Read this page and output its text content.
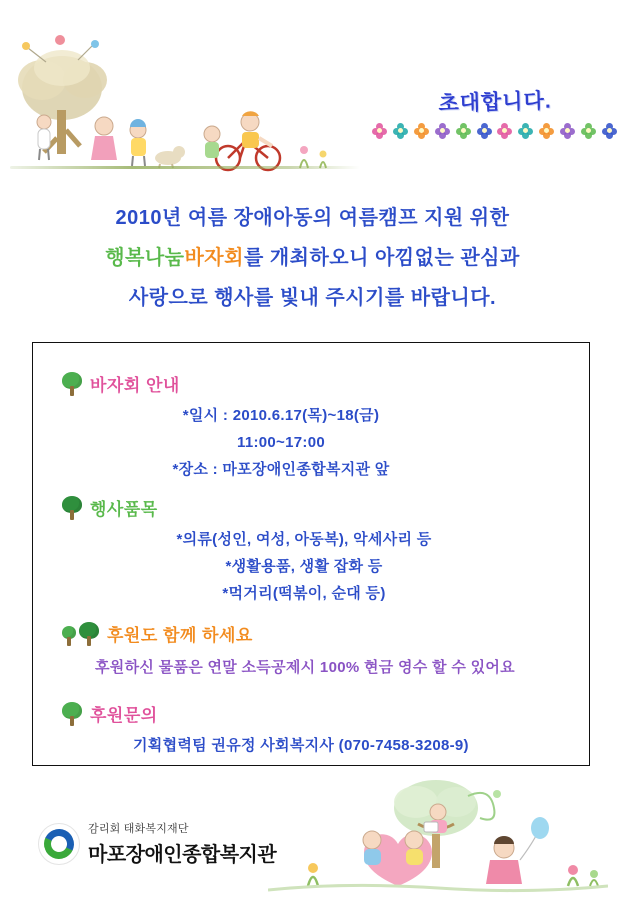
초대합니다.
2010년 여름 장애아동의 여름캠프 지원 위한
행복나눔바자회를 개최하오니 아낌없는 관심과
사랑으로 행사를 빛내 주시기를 바랍니다.
바자회 안내
*일시 : 2010.6.17(목)~18(금)
11:00~17:00
*장소 : 마포장애인종합복지관 앞
행사품목
*의류(성인, 여성, 아동복), 악세사리 등
*생활용품, 생활 잡화 등
*먹거리(떡볶이, 순대 등)
후원도 함께 하세요
후원하신 물품은 연말 소득공제시 100% 현금 영수 할 수 있어요
후원문의
기획협력팀 권유정 사회복지사 (070-7458-3208-9)
감리회 태화복지재단
마포장애인종합복지관
